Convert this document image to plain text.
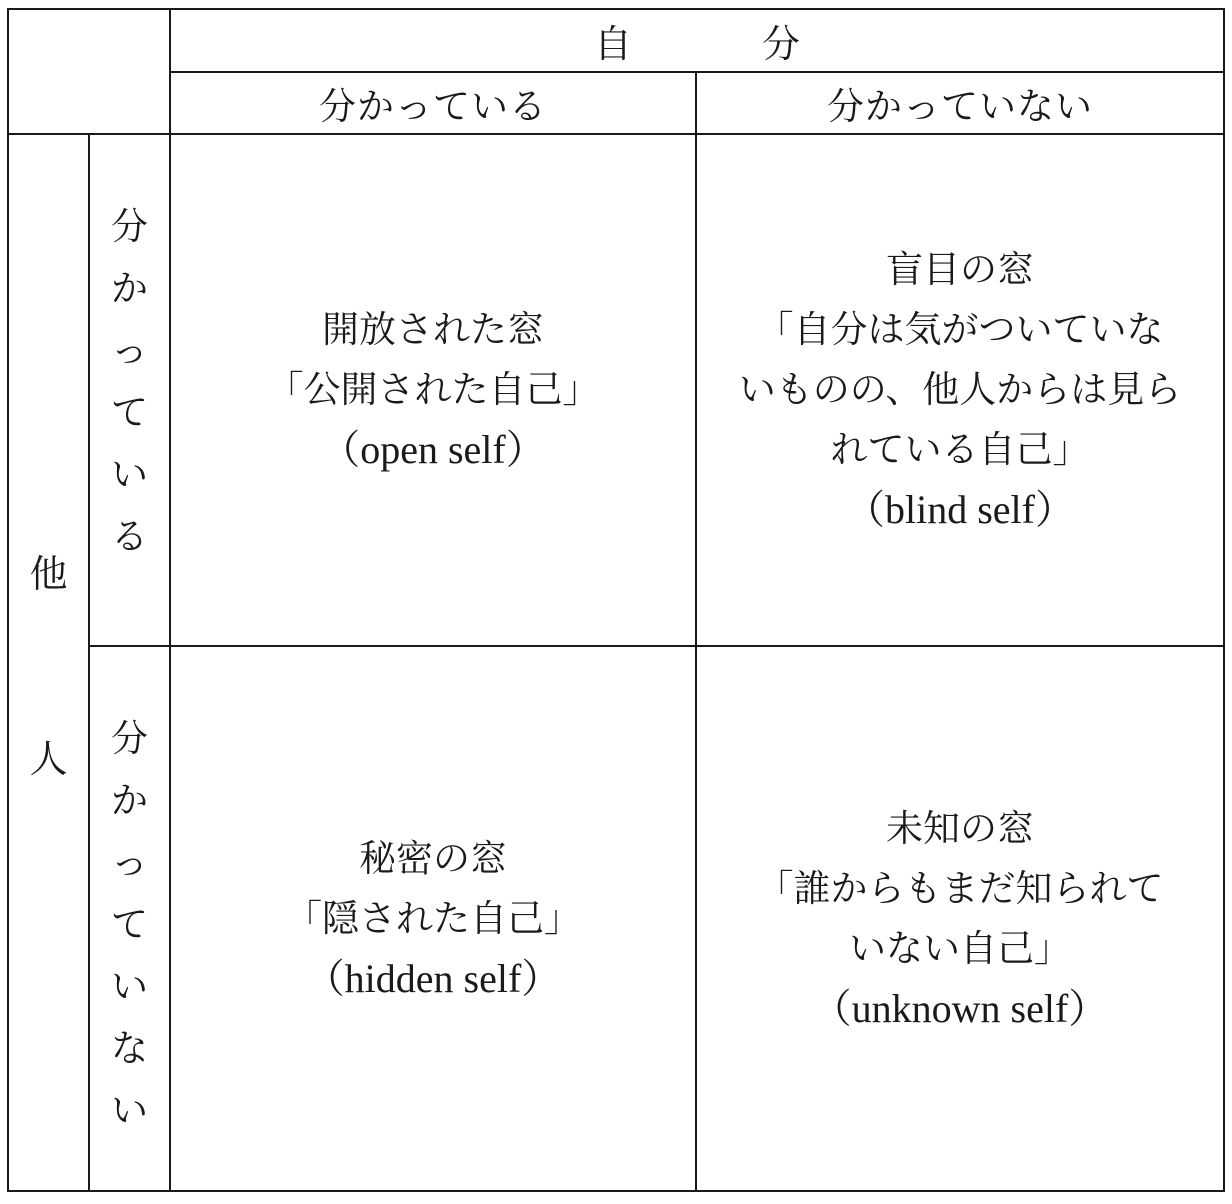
自	分
分かっている	分かっていない
他
人
分
か
っ
て
い
る
分
か
っ
て
い
な
い
開放された窓
「公開された自己」
（open self）
盲目の窓
「自分は気がついていな
いものの、他人からは見ら
れている自己」
（blind self）
秘密の窓
「隠された自己」
（hidden self）
未知の窓
「誰からもまだ知られて
いない自己」
（unknown self）
